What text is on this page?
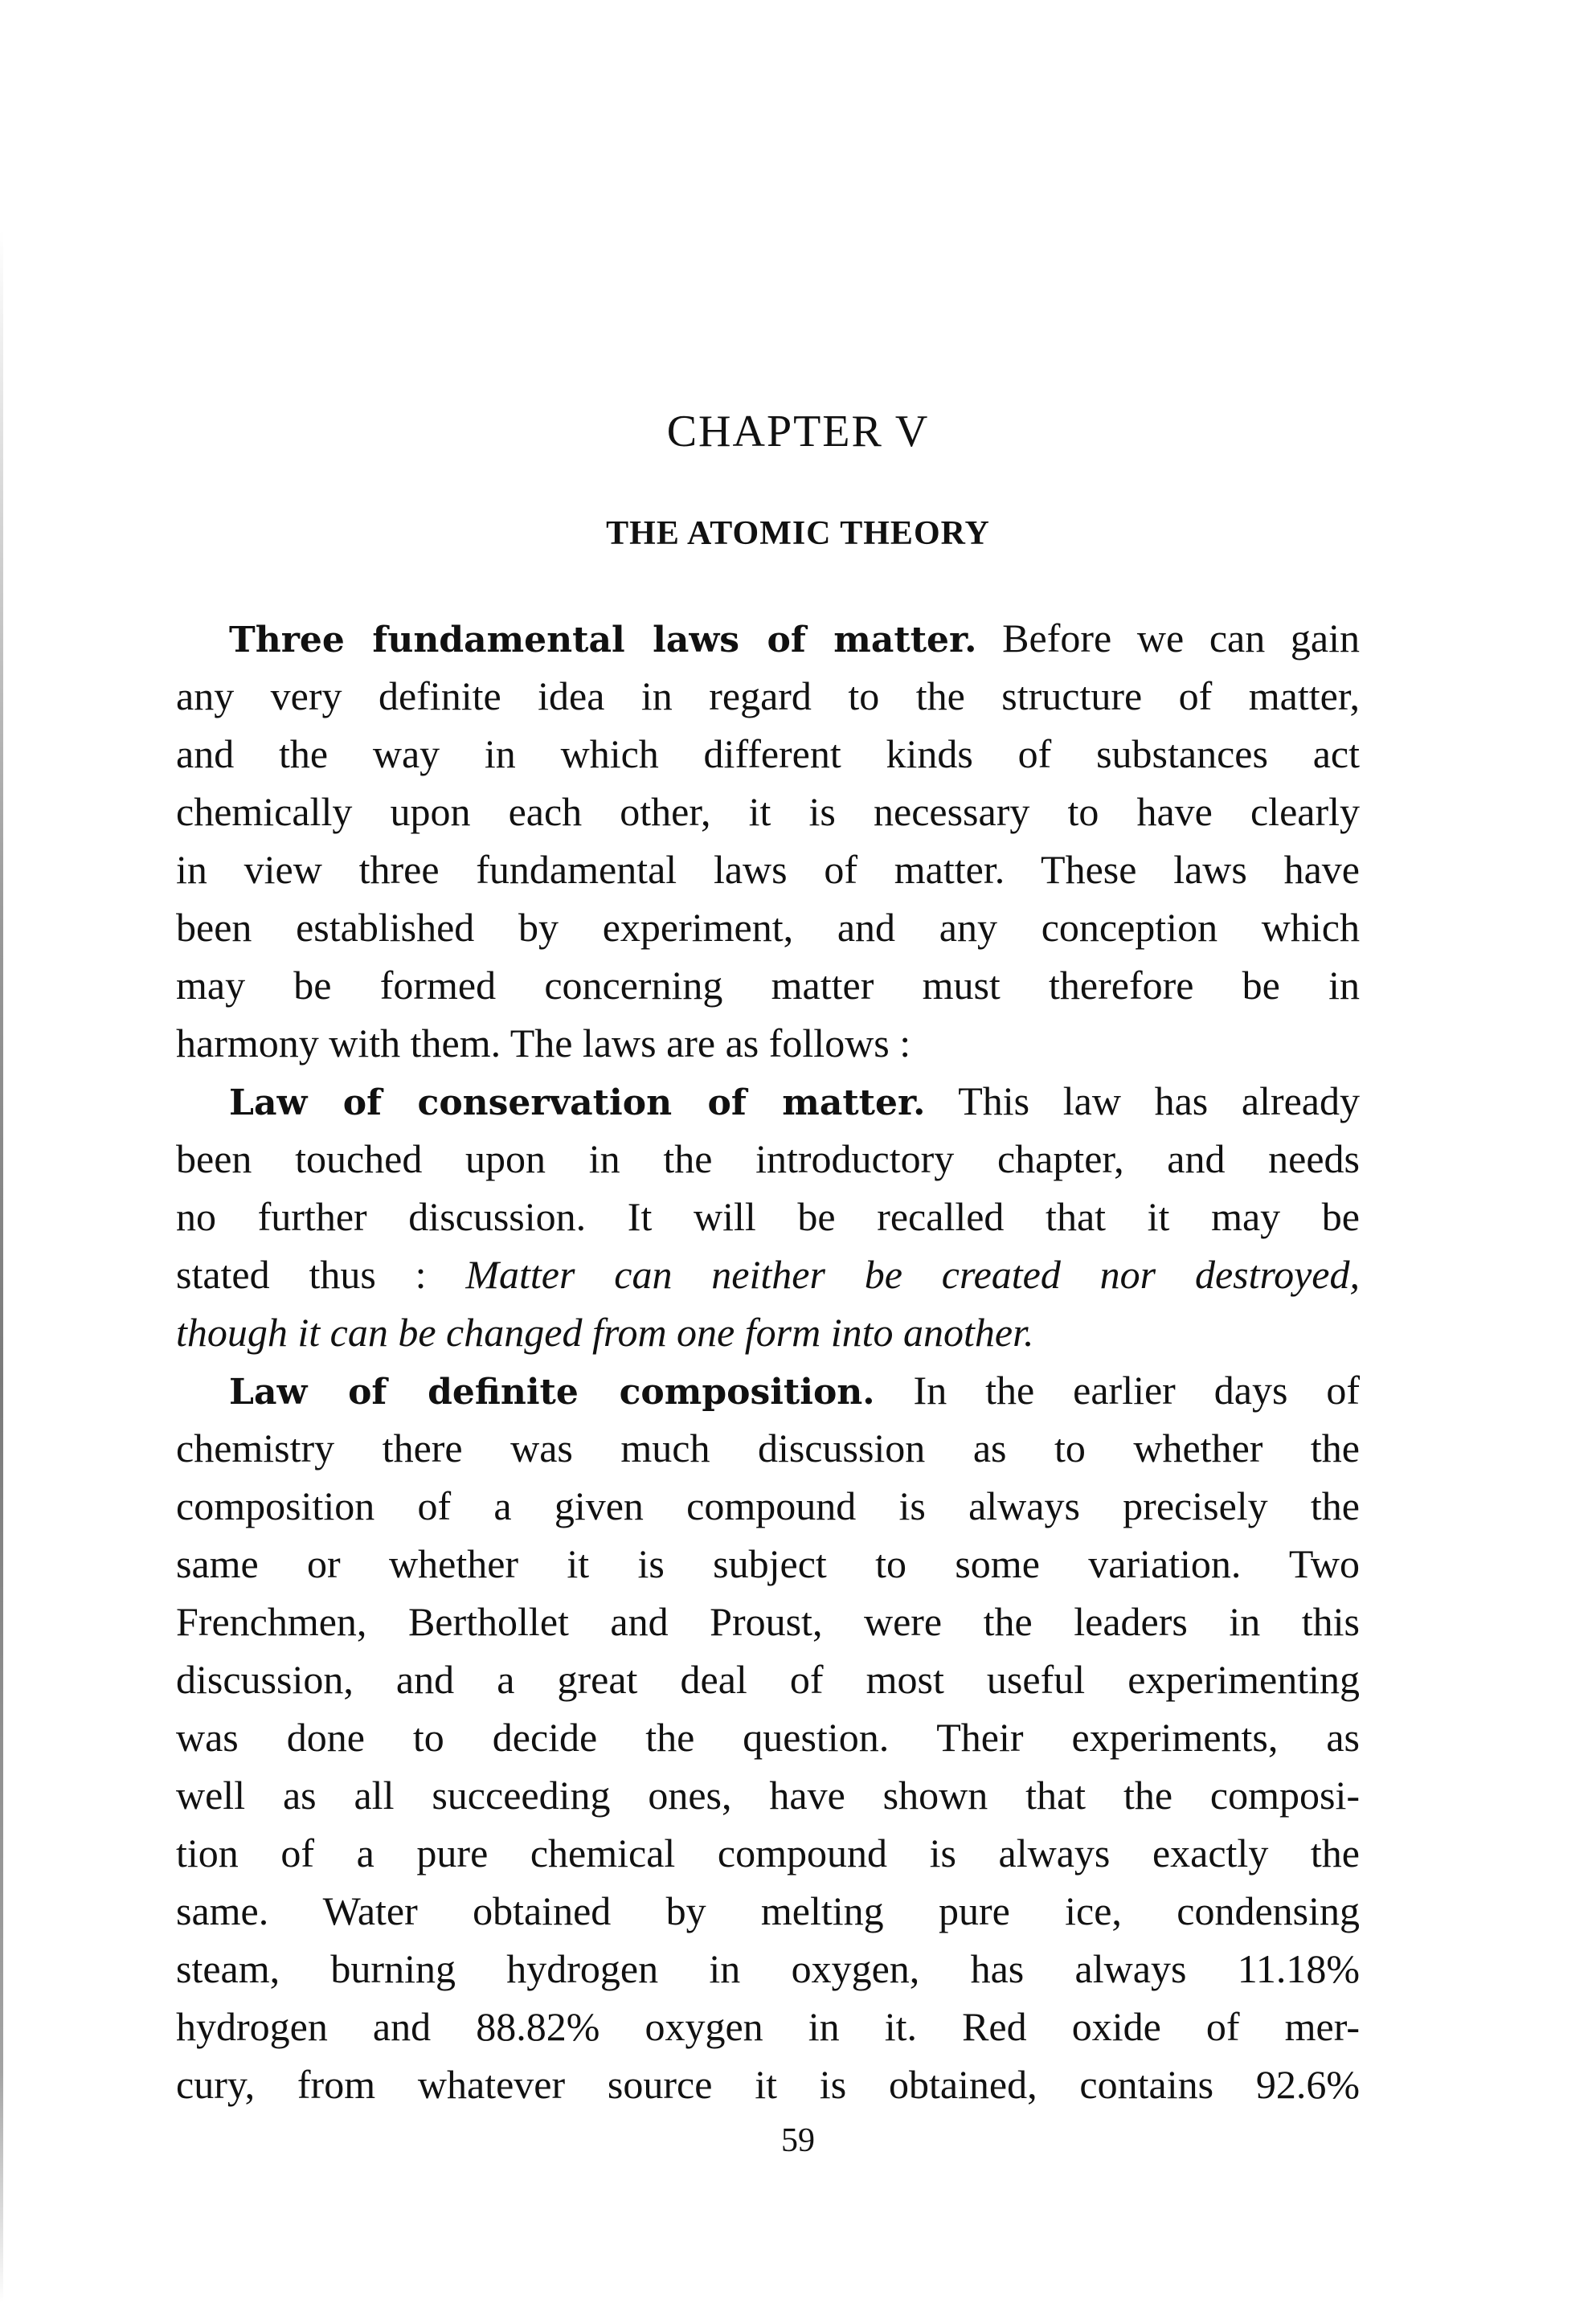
CHAPTER V
THE ATOMIC THEORY
Three fundamental laws of matter. Before we can gain
any very definite idea in regard to the structure of matter,
and the way in which different kinds of substances act
chemically upon each other, it is necessary to have clearly
in view three fundamental laws of matter. These laws have
been established by experiment, and any conception which
may be formed concerning matter must therefore be in
harmony with them. The laws are as follows :
Law of conservation of matter. This law has already
been touched upon in the introductory chapter, and needs
no further discussion. It will be recalled that it may be
stated thus : Matter can neither be created nor destroyed,
though it can be changed from one form into another.
Law of definite composition. In the earlier days of
chemistry there was much discussion as to whether the
composition of a given compound is always precisely the
same or whether it is subject to some variation. Two
Frenchmen, Berthollet and Proust, were the leaders in this
discussion, and a great deal of most useful experimenting
was done to decide the question. Their experiments, as
well as all succeeding ones, have shown that the composi-
tion of a pure chemical compound is always exactly the
same. Water obtained by melting pure ice, condensing
steam, burning hydrogen in oxygen, has always 11.18%
hydrogen and 88.82% oxygen in it. Red oxide of mer-
cury, from whatever source it is obtained, contains 92.6%
59
